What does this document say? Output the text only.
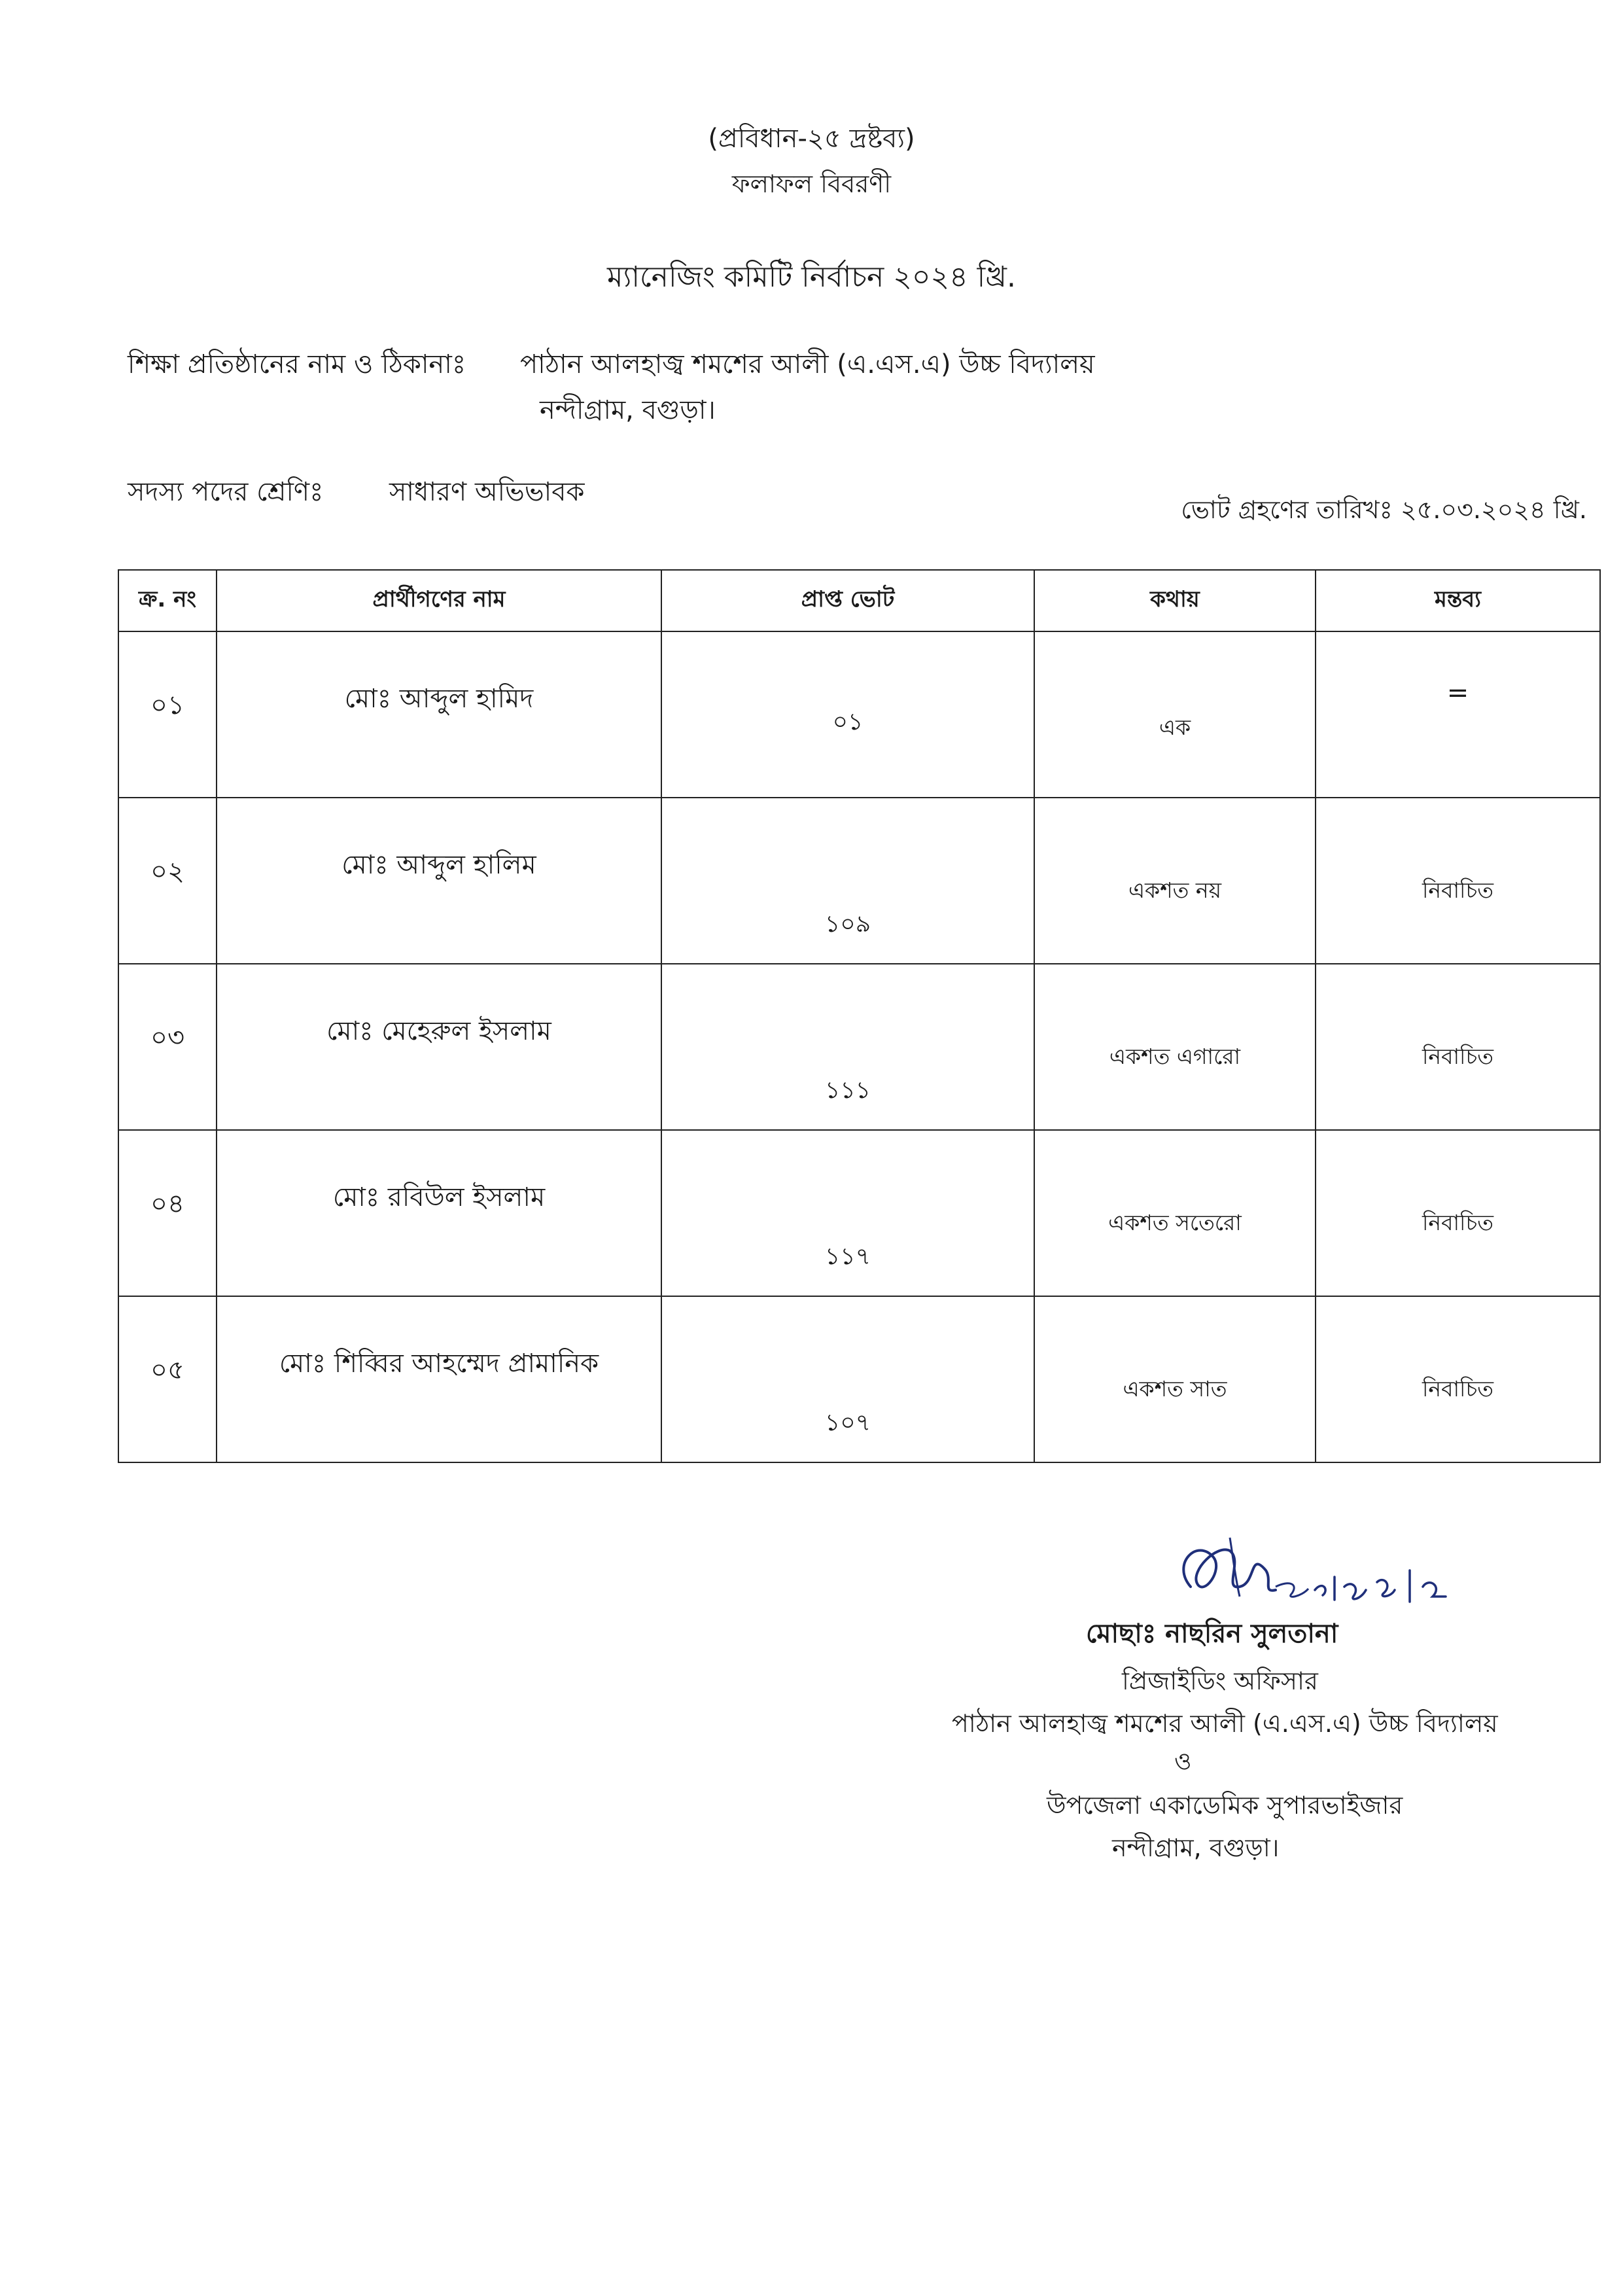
(প্রবিধান-২৫ দ্রষ্টব্য)
ফলাফল বিবরণী
ম্যানেজিং কমিটি নির্বাচন ২০২৪ খ্রি.
শিক্ষা প্রতিষ্ঠানের নাম ও ঠিকানাঃ পাঠান আলহাজ্ব শমশের আলী (এ.এস.এ) উচ্চ বিদ্যালয়
নন্দীগ্রাম, বগুড়া।
সদস্য পদের শ্রেণিঃ	সাধারণ অভিভাবক
ভোট গ্রহণের তারিখঃ ২৫.০৩.২০২৪ খ্রি.
ক্র. নং	প্রার্থীগণের নাম	প্রাপ্ত ভোট	কথায়	মন্তব্য

০১	মোঃ আব্দুল হামিদ	০১	এক	=

০২	মোঃ আব্দুল হালিম	১০৯	একশত নয়	নিবাচিত

০৩	মোঃ মেহেরুল ইসলাম	১১১	একশত এগারো	নিবাচিত

০৪	মোঃ রবিউল ইসলাম	১১৭	একশত সতেরো	নিবাচিত

০৫	মোঃ শিব্বির আহম্মেদ প্রামানিক	১০৭	একশত সাত	নিবাচিত
মোছাঃ নাছরিন সুলতানা
প্রিজাইডিং অফিসার
পাঠান আলহাজ্ব শমশের আলী (এ.এস.এ) উচ্চ বিদ্যালয়
ও
উপজেলা একাডেমিক সুপারভাইজার
নন্দীগ্রাম, বগুড়া।
